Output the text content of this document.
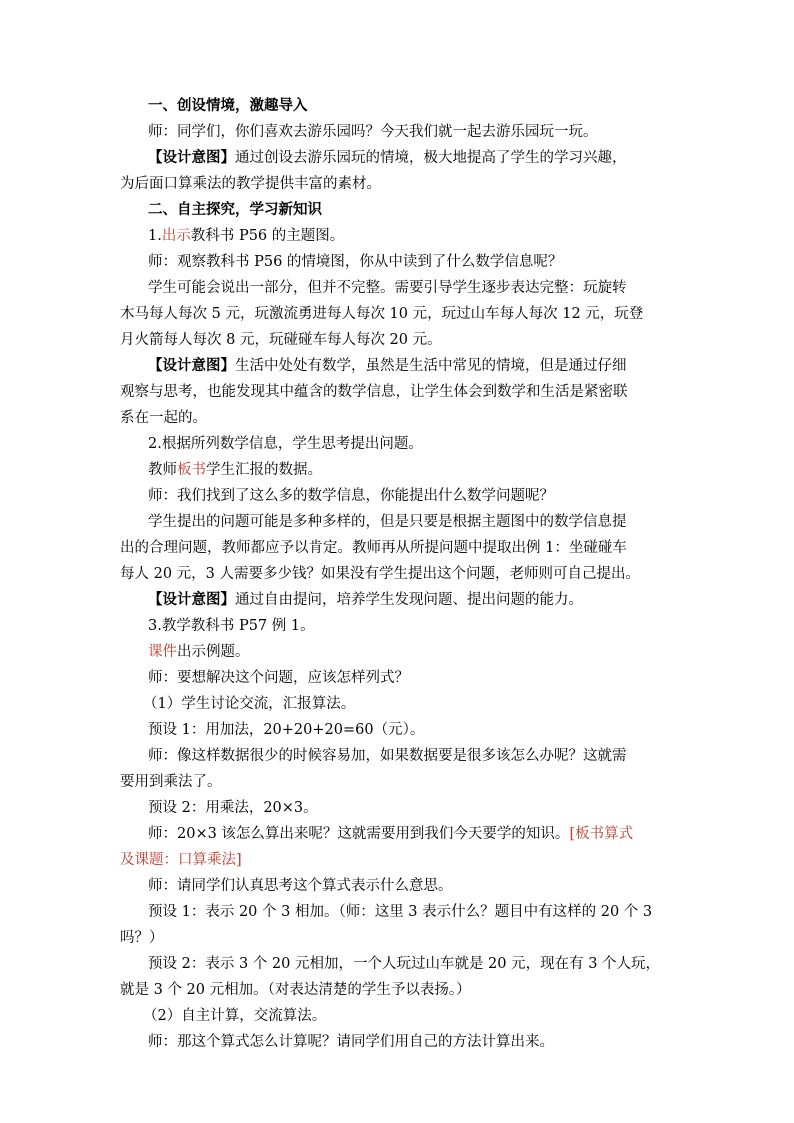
一、创设情境，激趣导入
师：同学们，你们喜欢去游乐园吗？今天我们就一起去游乐园玩一玩。
【设计意图】通过创设去游乐园玩的情境，极大地提高了学生的学习兴趣，
为后面口算乘法的教学提供丰富的素材。
二、自主探究，学习新知识
1.出示教科书 P56 的主题图。
师：观察教科书 P56 的情境图，你从中读到了什么数学信息呢？
学生可能会说出一部分，但并不完整。需要引导学生逐步表达完整：玩旋转
木马每人每次 5 元，玩激流勇进每人每次 10 元，玩过山车每人每次 12 元，玩登
月火箭每人每次 8 元，玩碰碰车每人每次 20 元。
【设计意图】生活中处处有数学，虽然是生活中常见的情境，但是通过仔细
观察与思考，也能发现其中蕴含的数学信息，让学生体会到数学和生活是紧密联
系在一起的。
2.根据所列数学信息，学生思考提出问题。
教师板书学生汇报的数据。
师：我们找到了这么多的数学信息，你能提出什么数学问题呢？
学生提出的问题可能是多种多样的，但是只要是根据主题图中的数学信息提
出的合理问题，教师都应予以肯定。教师再从所提问题中提取出例 1：坐碰碰车
每人 20 元，3 人需要多少钱？如果没有学生提出这个问题，老师则可自己提出。
【设计意图】通过自由提问，培养学生发现问题、提出问题的能力。
3.教学教科书 P57 例 1。
课件出示例题。
师：要想解决这个问题，应该怎样列式？
（1）学生讨论交流，汇报算法。
预设 1：用加法，20+20+20=60（元）。
师：像这样数据很少的时候容易加，如果数据要是很多该怎么办呢？这就需
要用到乘法了。
预设 2：用乘法，20×3。
师：20×3 该怎么算出来呢？这就需要用到我们今天要学的知识。[板书算式
及课题：口算乘法]
师：请同学们认真思考这个算式表示什么意思。
预设 1：表示 20 个 3 相加。（师：这里 3 表示什么？题目中有这样的 20 个 3
吗？）
预设 2：表示 3 个 20 元相加，一个人玩过山车就是 20 元，现在有 3 个人玩，
就是 3 个 20 元相加。（对表达清楚的学生予以表扬。）
（2）自主计算，交流算法。
师：那这个算式怎么计算呢？请同学们用自己的方法计算出来。
